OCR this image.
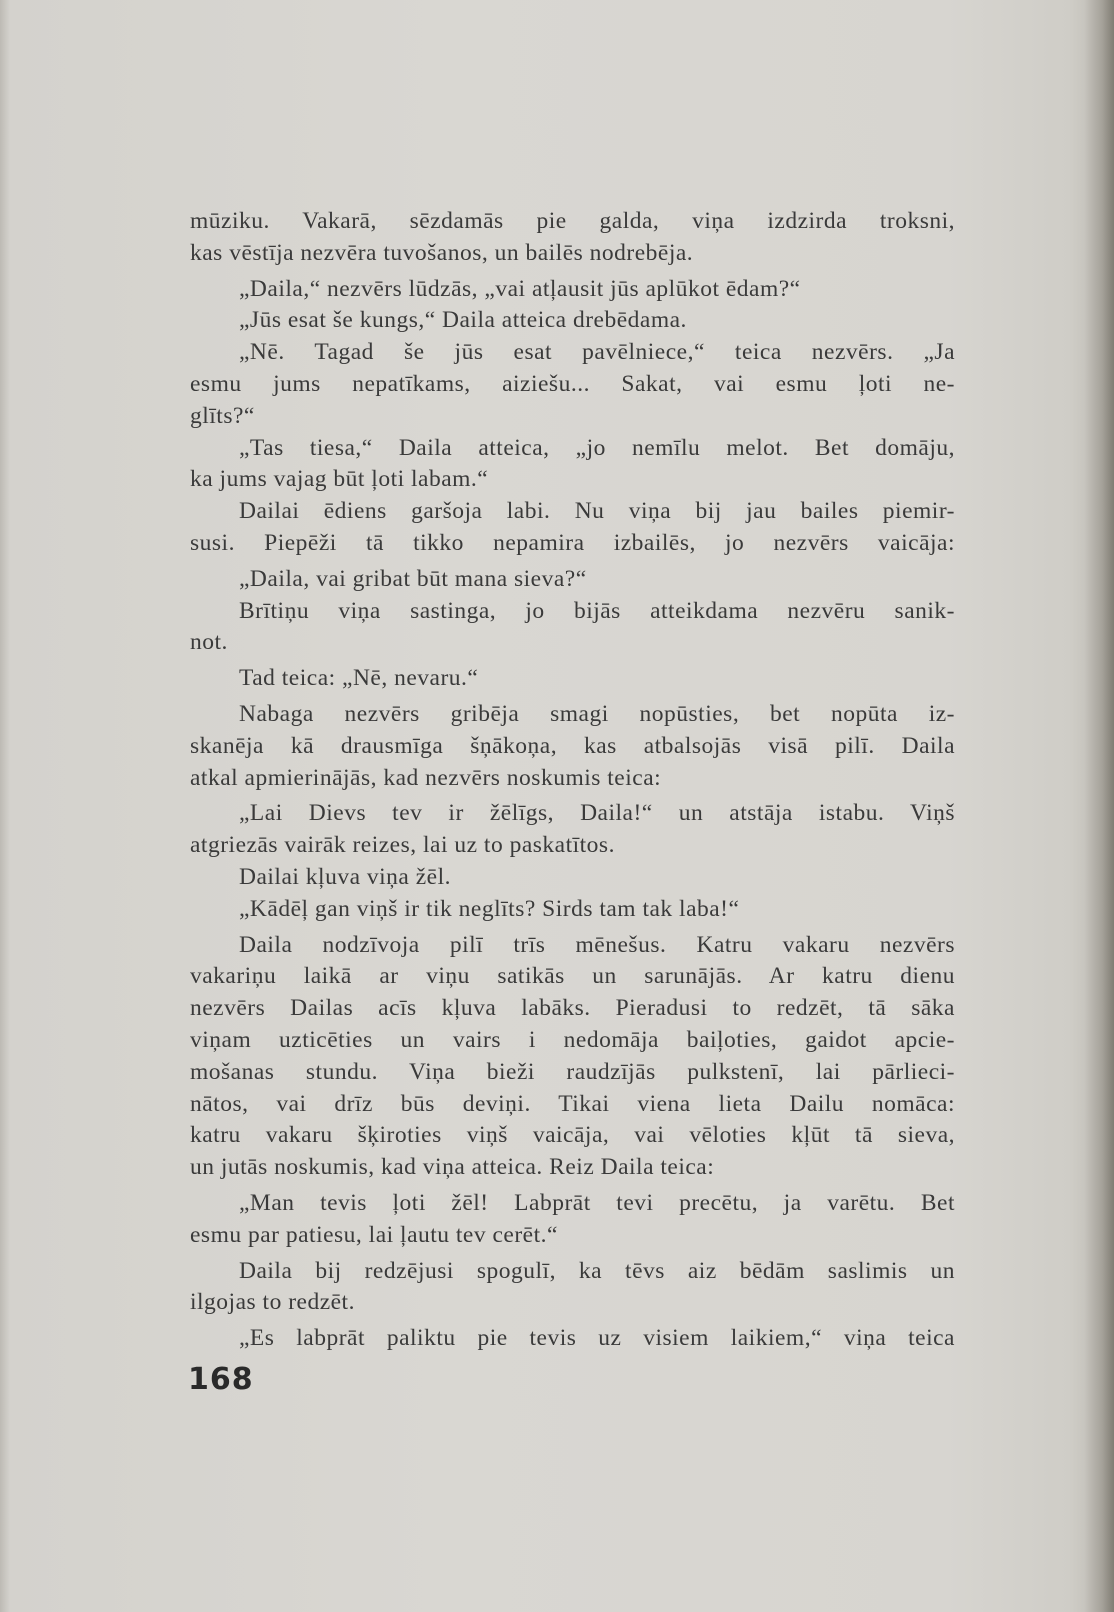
mūziku. Vakarā, sēzdamās pie galda, viņa izdzirda troksni,
kas vēstīja nezvēra tuvošanos, un bailēs nodrebēja.
„Daila,“ nezvērs lūdzās, „vai atļausit jūs aplūkot ēdam?“
„Jūs esat še kungs,“ Daila atteica drebēdama.
„Nē. Tagad še jūs esat pavēlniece,“ teica nezvērs. „Ja
esmu jums nepatīkams, aiziešu... Sakat, vai esmu ļoti ne-
glīts?“
„Tas tiesa,“ Daila atteica, „jo nemīlu melot. Bet domāju,
ka jums vajag būt ļoti labam.“
Dailai ēdiens garšoja labi. Nu viņa bij jau bailes piemir-
susi. Piepēži tā tikko nepamira izbailēs, jo nezvērs vaicāja:
„Daila, vai gribat būt mana sieva?“
Brītiņu viņa sastinga, jo bijās atteikdama nezvēru sanik-
not.
Tad teica: „Nē, nevaru.“
Nabaga nezvērs gribēja smagi nopūsties, bet nopūta iz-
skanēja kā drausmīga šņākoņa, kas atbalsojās visā pilī. Daila
atkal apmierinājās, kad nezvērs noskumis teica:
„Lai Dievs tev ir žēlīgs, Daila!“ un atstāja istabu. Viņš
atgriezās vairāk reizes, lai uz to paskatītos.
Dailai kļuva viņa žēl.
„Kādēļ gan viņš ir tik neglīts? Sirds tam tak laba!“
Daila nodzīvoja pilī trīs mēnešus. Katru vakaru nezvērs
vakariņu laikā ar viņu satikās un sarunājās. Ar katru dienu
nezvērs Dailas acīs kļuva labāks. Pieradusi to redzēt, tā sāka
viņam uzticēties un vairs i nedomāja baiļoties, gaidot apcie-
mošanas stundu. Viņa bieži raudzījās pulkstenī, lai pārlieci-
nātos, vai drīz būs deviņi. Tikai viena lieta Dailu nomāca:
katru vakaru šķiroties viņš vaicāja, vai vēloties kļūt tā sieva,
un jutās noskumis, kad viņa atteica. Reiz Daila teica:
„Man tevis ļoti žēl! Labprāt tevi precētu, ja varētu. Bet
esmu par patiesu, lai ļautu tev cerēt.“
Daila bij redzējusi spogulī, ka tēvs aiz bēdām saslimis un
ilgojas to redzēt.
„Es labprāt paliktu pie tevis uz visiem laikiem,“ viņa teica
168
